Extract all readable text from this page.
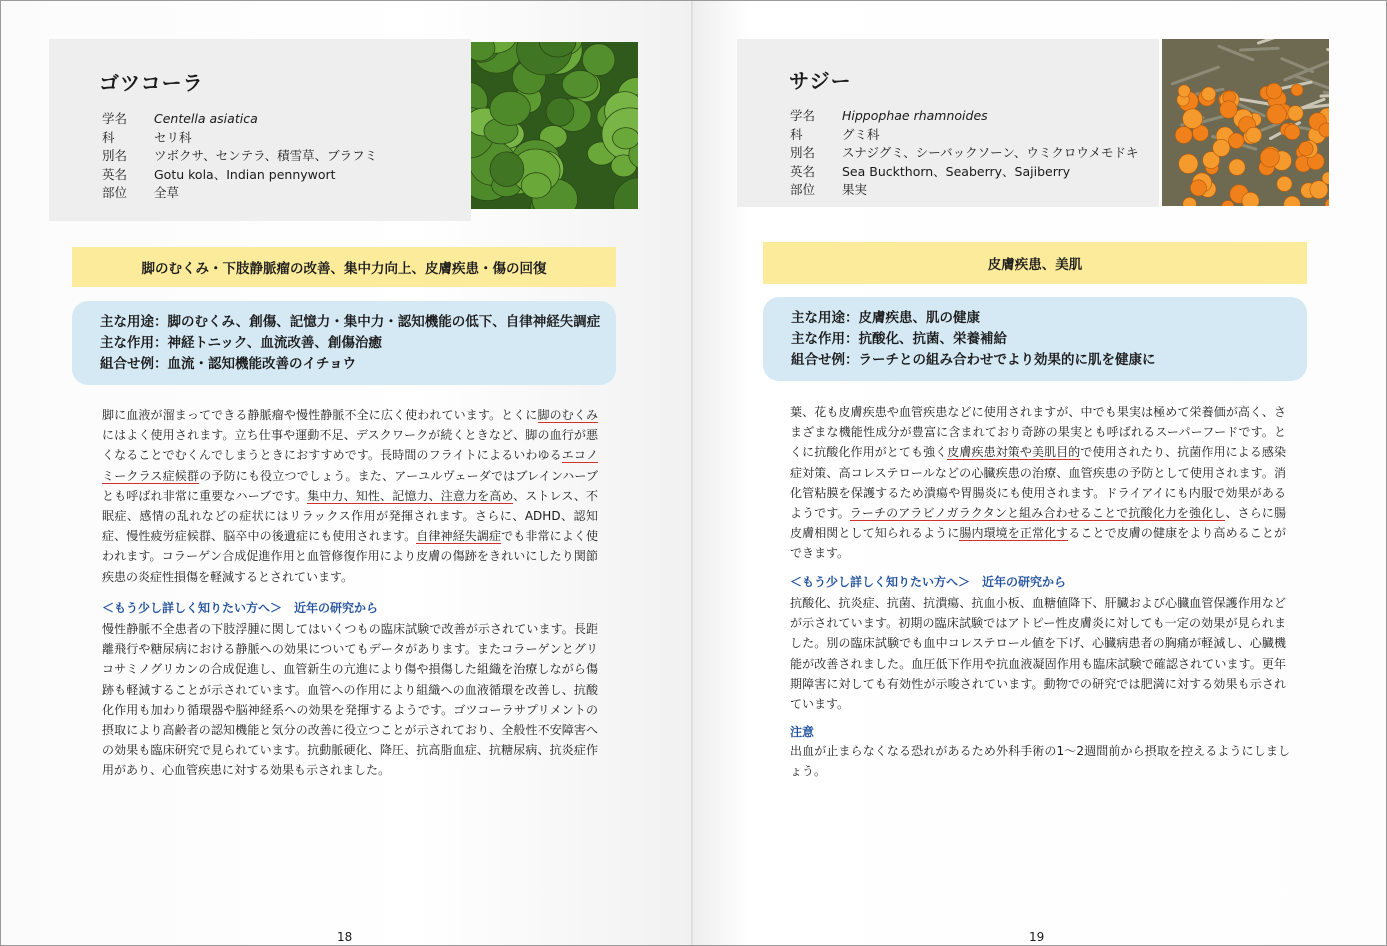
ゴツコーラ
学名	Centella asiatica
科	セリ科
別名	ツボクサ、センテラ、積雪草、ブラフミ
英名	Gotu kola、Indian pennywort
部位	全草
脚のむくみ・下肢静脈瘤の改善、集中力向上、皮膚疾患・傷の回復
主な用途：脚のむくみ、創傷、記憶力・集中力・認知機能の低下、自律神経失調症
主な作用：神経トニック、血流改善、創傷治癒
組合せ例：血流・認知機能改善のイチョウ
脚に血液が溜まってできる静脈瘤や慢性静脈不全に広く使われています。とくに脚のむくみにはよく使用されます。立ち仕事や運動不足、デスクワークが続くときなど、脚の血行が悪くなることでむくんでしまうときにおすすめです。長時間のフライトによるいわゆるエコノミークラス症候群の予防にも役立つでしょう。また、アーユルヴェーダではブレインハーブとも呼ばれ非常に重要なハーブです。集中力、知性、記憶力、注意力を高め、ストレス、不眠症、感情の乱れなどの症状にはリラックス作用が発揮されます。さらに、ADHD、認知症、慢性疲労症候群、脳卒中の後遺症にも使用されます。自律神経失調症でも非常によく使われます。コラーゲン合成促進作用と血管修復作用により皮膚の傷跡をきれいにしたり関節疾患の炎症性損傷を軽減するとされています。
＜もう少し詳しく知りたい方へ＞　近年の研究から
慢性静脈不全患者の下肢浮腫に関してはいくつもの臨床試験で改善が示されています。長距離飛行や糖尿病における静脈への効果についてもデータがあります。またコラーゲンとグリコサミノグリカンの合成促進し、血管新生の亢進により傷や損傷した組織を治療しながら傷跡も軽減することが示されています。血管への作用により組織への血液循環を改善し、抗酸化作用も加わり循環器や脳神経系への効果を発揮するようです。ゴツコーラサプリメントの摂取により高齢者の認知機能と気分の改善に役立つことが示されており、全般性不安障害への効果も臨床研究で見られています。抗動脈硬化、降圧、抗高脂血症、抗糖尿病、抗炎症作用があり、心血管疾患に対する効果も示されました。
18
サジー
学名	Hippophae rhamnoides
科	グミ科
別名	スナジグミ、シーバックソーン、ウミクロウメモドキ
英名	Sea Buckthorn、Seaberry、Sajiberry
部位	果実
皮膚疾患、美肌
主な用途：皮膚疾患、肌の健康
主な作用：抗酸化、抗菌、栄養補給
組合せ例：ラーチとの組み合わせでより効果的に肌を健康に
葉、花も皮膚疾患や血管疾患などに使用されますが、中でも果実は極めて栄養価が高く、さまざまな機能性成分が豊富に含まれており奇跡の果実とも呼ばれるスーパーフードです。とくに抗酸化作用がとても強く皮膚疾患対策や美肌目的で使用されたり、抗菌作用による感染症対策、高コレステロールなどの心臓疾患の治療、血管疾患の予防として使用されます。消化管粘膜を保護するため潰瘍や胃腸炎にも使用されます。ドライアイにも内服で効果があるようです。ラーチのアラビノガラクタンと組み合わせることで抗酸化力を強化し、さらに腸皮膚相関として知られるように腸内環境を正常化することで皮膚の健康をより高めることができます。
＜もう少し詳しく知りたい方へ＞　近年の研究から
抗酸化、抗炎症、抗菌、抗潰瘍、抗血小板、血糖値降下、肝臓および心臓血管保護作用などが示されています。初期の臨床試験ではアトピー性皮膚炎に対しても一定の効果が見られました。別の臨床試験でも血中コレステロール値を下げ、心臓病患者の胸痛が軽減し、心臓機能が改善されました。血圧低下作用や抗血液凝固作用も臨床試験で確認されています。更年期障害に対しても有効性が示唆されています。動物での研究では肥満に対する効果も示されています。
注意
出血が止まらなくなる恐れがあるため外科手術の1〜2週間前から摂取を控えるようにしましょう。
19
